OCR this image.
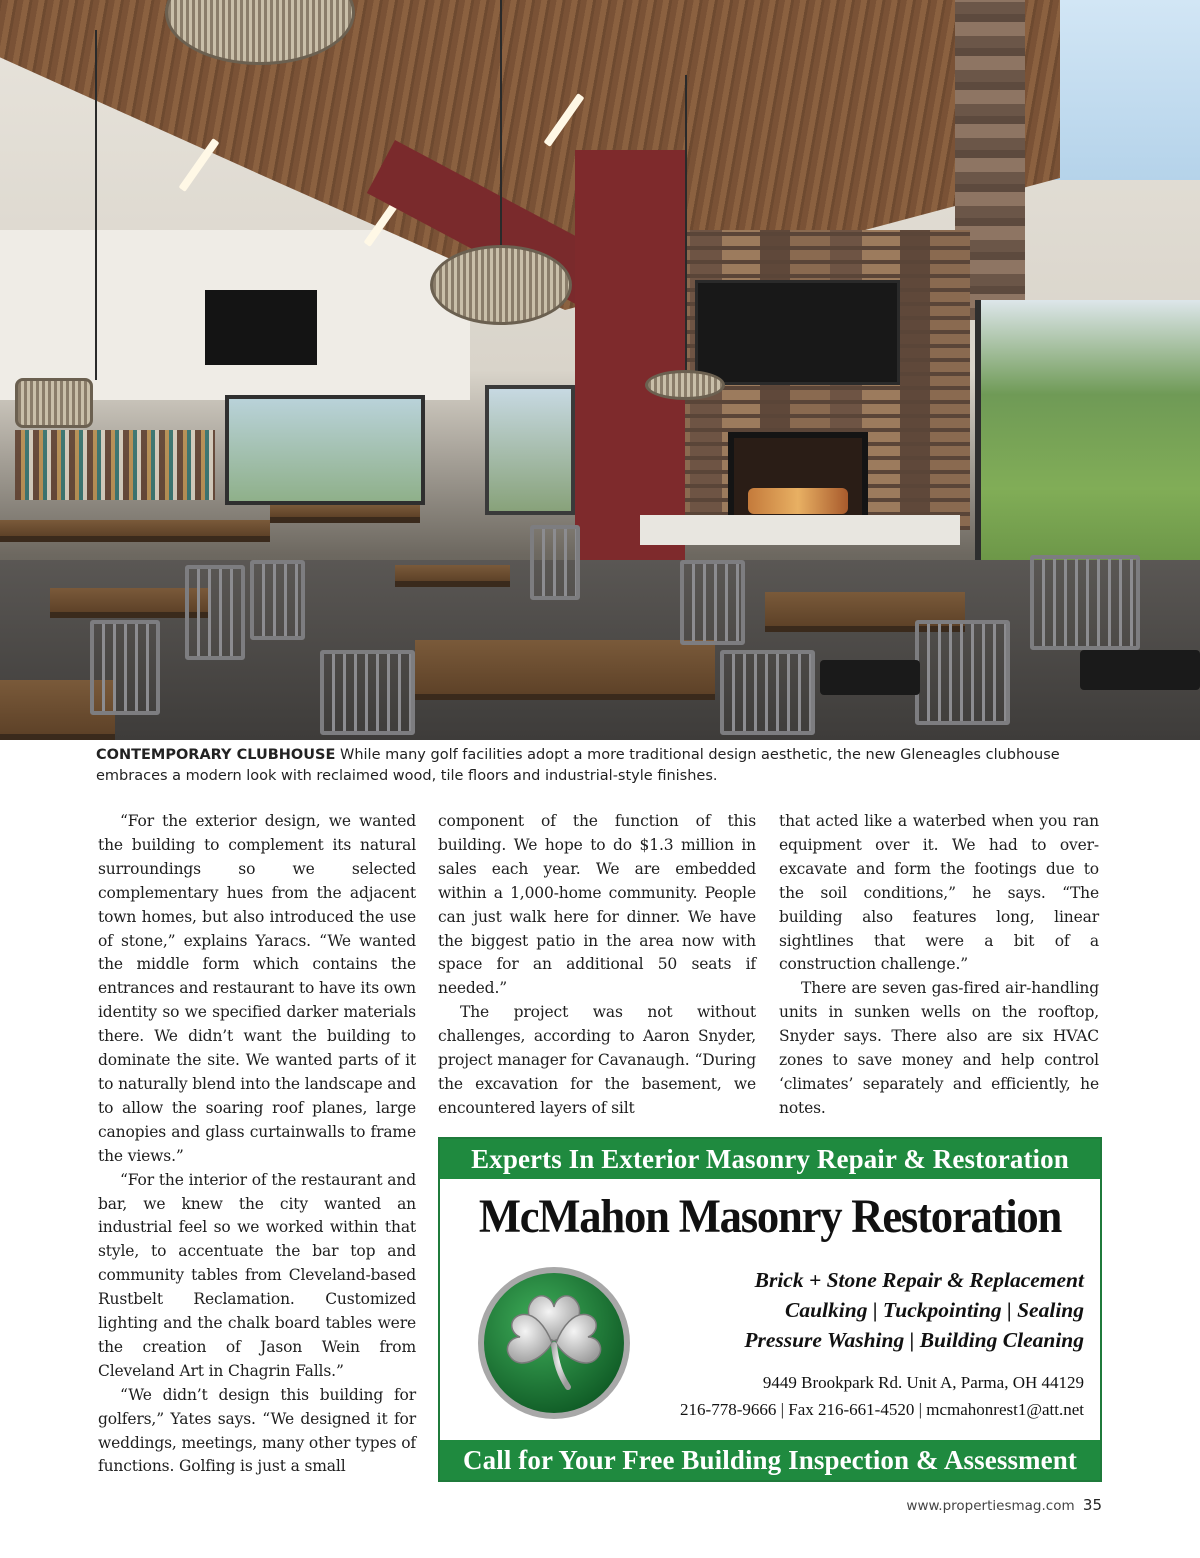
CONTEMPORARY CLUBHOUSE While many golf facilities adopt a more traditional design aesthetic, the new Gleneagles clubhouse embraces a modern look with reclaimed wood, tile floors and industrial-style finishes.

“For the exterior design, we wanted the building to complement its natural surroundings so we selected complementary hues from the adjacent town homes, but also introduced the use of stone,” explains Yaracs. “We wanted the middle form which contains the entrances and restaurant to have its own identity so we specified darker materials there. We didn’t want the building to dominate the site. We wanted parts of it to naturally blend into the landscape and to allow the soaring roof planes, large canopies and glass curtainwalls to frame the views.”

“For the interior of the restaurant and bar, we knew the city wanted an industrial feel so we worked within that style, to accentuate the bar top and community tables from Cleveland-based Rustbelt Reclamation. Customized lighting and the chalk board tables were the creation of Jason Wein from Cleveland Art in Chagrin Falls.”

“We didn’t design this building for golfers,” Yates says. “We designed it for weddings, meetings, many other types of functions. Golfing is just a small

component of the function of this building. We hope to do $1.3 million in sales each year. We are embedded within a 1,000-home community. People can just walk here for dinner. We have the biggest patio in the area now with space for an additional 50 seats if needed.”

The project was not without challenges, according to Aaron Snyder, project manager for Cavanaugh. “During the excavation for the basement, we encountered layers of silt

that acted like a waterbed when you ran equipment over it. We had to over-excavate and form the footings due to the soil conditions,” he says. “The building also features long, linear sightlines that were a bit of a construction challenge.”

There are seven gas-fired air-handling units in sunken wells on the rooftop, Snyder says. There also are six HVAC zones to save money and help control ‘climates’ separately and efficiently, he notes.

Experts In Exterior Masonry Repair & Restoration
McMahon Masonry Restoration
Brick + Stone Repair & Replacement
Caulking | Tuckpointing | Sealing
Pressure Washing | Building Cleaning
9449 Brookpark Rd. Unit A, Parma, OH 44129
216-778-9666 | Fax 216-661-4520 | mcmahonrest1@att.net
Call for Your Free Building Inspection & Assessment
www.propertiesmag.com 35
